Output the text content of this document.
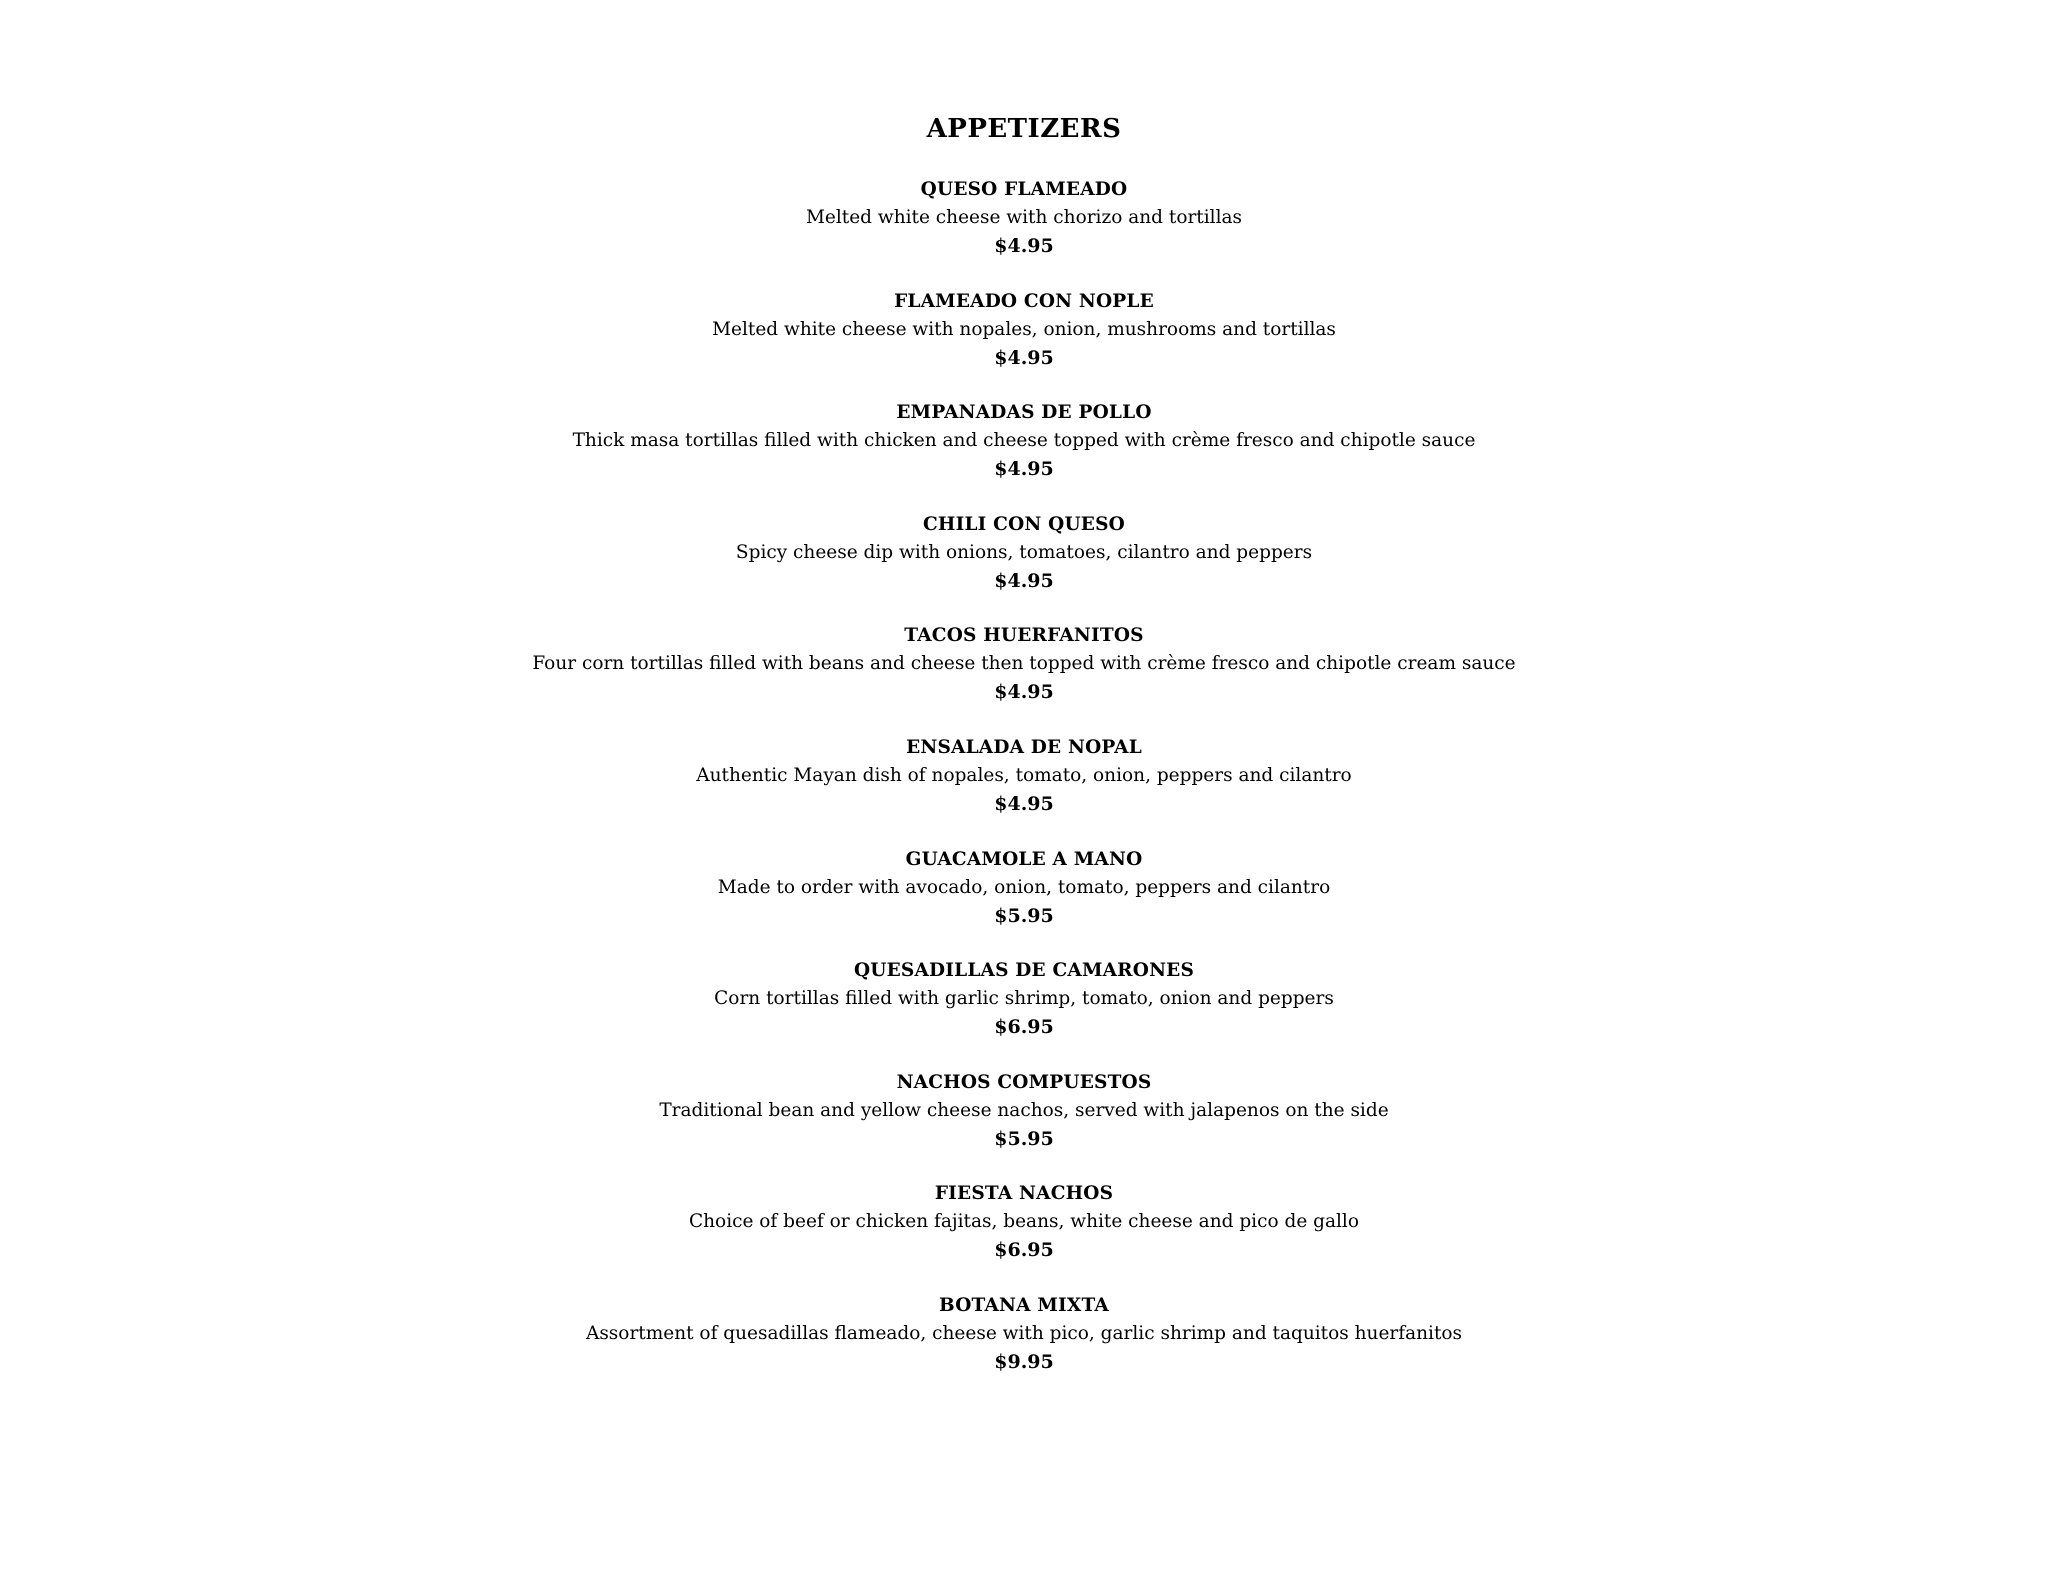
APPETIZERS
QUESO FLAMEADO
Melted white cheese with chorizo and tortillas
$4.95
FLAMEADO CON NOPLE
Melted white cheese with nopales, onion, mushrooms and tortillas
$4.95
EMPANADAS DE POLLO
Thick masa tortillas filled with chicken and cheese topped with crème fresco and chipotle sauce
$4.95
CHILI CON QUESO
Spicy cheese dip with onions, tomatoes, cilantro and peppers
$4.95
TACOS HUERFANITOS
Four corn tortillas filled with beans and cheese then topped with crème fresco and chipotle cream sauce
$4.95
ENSALADA DE NOPAL
Authentic Mayan dish of nopales, tomato, onion, peppers and cilantro
$4.95
GUACAMOLE A MANO
Made to order with avocado, onion, tomato, peppers and cilantro
$5.95
QUESADILLAS DE CAMARONES
Corn tortillas filled with garlic shrimp, tomato, onion and peppers
$6.95
NACHOS COMPUESTOS
Traditional bean and yellow cheese nachos, served with jalapenos on the side
$5.95
FIESTA NACHOS
Choice of beef or chicken fajitas, beans, white cheese and pico de gallo
$6.95
BOTANA MIXTA
Assortment of quesadillas flameado, cheese with pico, garlic shrimp and taquitos huerfanitos
$9.95
